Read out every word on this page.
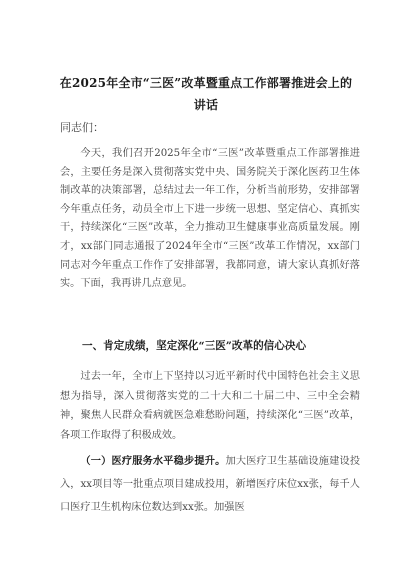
在2025年全市“三医”改革暨重点工作部署推进会上的讲话
同志们：

今天，我们召开2025年全市“三医”改革暨重点工作部署推进会，主要任务是深入贯彻落实党中央、国务院关于深化医药卫生体制改革的决策部署，总结过去一年工作，分析当前形势，安排部署今年重点任务，动员全市上下进一步统一思想、坚定信心、真抓实干，持续深化“三医”改革，全力推动卫生健康事业高质量发展。刚才，xx部门同志通报了2024年全市“三医”改革工作情况，xx部门同志对今年重点工作作了安排部署，我都同意，请大家认真抓好落实。下面，我再讲几点意见。

一、肯定成绩，坚定深化“三医”改革的信心决心

过去一年，全市上下坚持以习近平新时代中国特色社会主义思想为指导，深入贯彻落实党的二十大和二十届二中、三中全会精神，聚焦人民群众看病就医急难愁盼问题，持续深化“三医”改革，各项工作取得了积极成效。

（一）医疗服务水平稳步提升。加大医疗卫生基础设施建设投入，xx项目等一批重点项目建成投用，新增医疗床位xx张，每千人口医疗卫生机构床位数达到xx张。加强医
